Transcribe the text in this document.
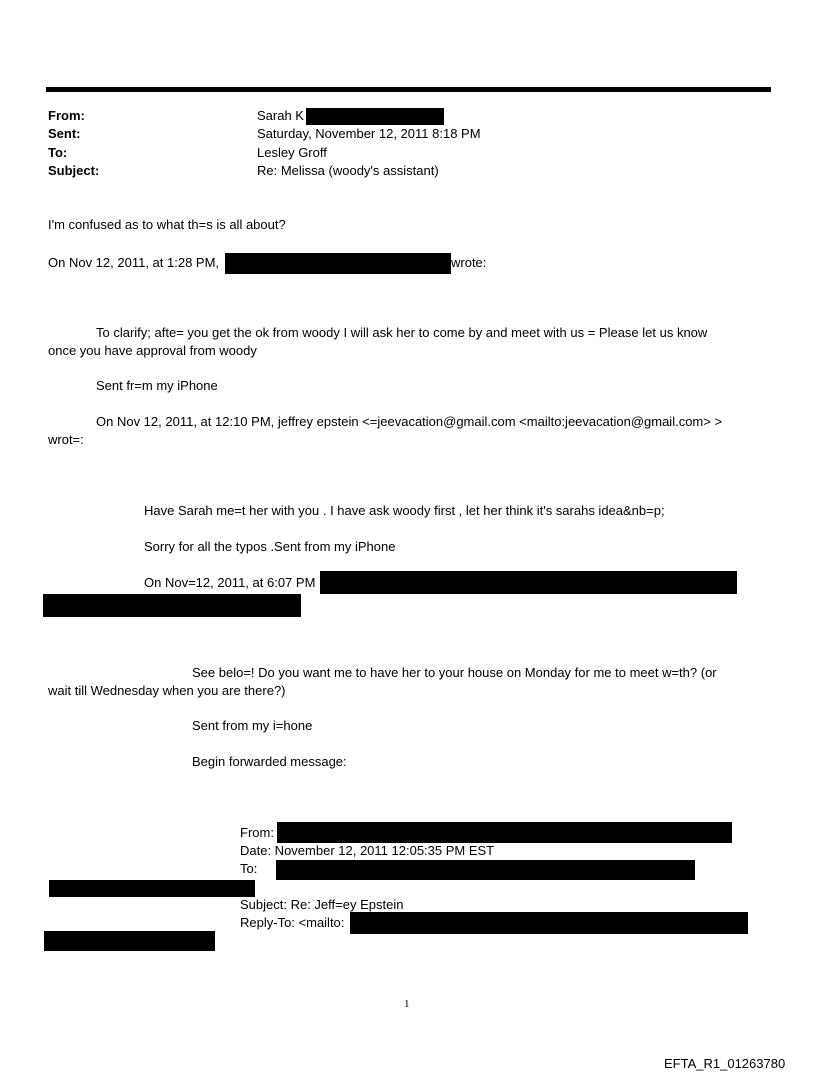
From:	Sarah K
Sent:	Saturday, November 12, 2011 8:18 PM
To:	Lesley Groff
Subject:	Re: Melissa (woody's assistant)
I'm confused as to what th=s is all about?
On Nov 12, 2011, at 1:28 PM,	wrote:
To clarify; afte= you get the ok from woody I will ask her to come by and meet with us = Please let us know
once you have approval from woody
Sent fr=m my iPhone
On Nov 12, 2011, at 12:10 PM, jeffrey epstein <=jeevacation@gmail.com <mailto:jeevacation@gmail.com> >
wrot=:
Have Sarah me=t her with you . I have ask woody first , let her think it's sarahs idea&nb=p;
Sorry for all the typos .Sent from my iPhone
On Nov=12, 2011, at 6:07 PM
See belo=! Do you want me to have her to your house on Monday for me to meet w=th? (or
wait till Wednesday when you are there?)
Sent from my i=hone
Begin forwarded message:
From:
Date: November 12, 2011 12:05:35 PM EST
To:
Subject: Re: Jeff=ey Epstein
Reply-To: <mailto:
1
EFTA_R1_01263780
